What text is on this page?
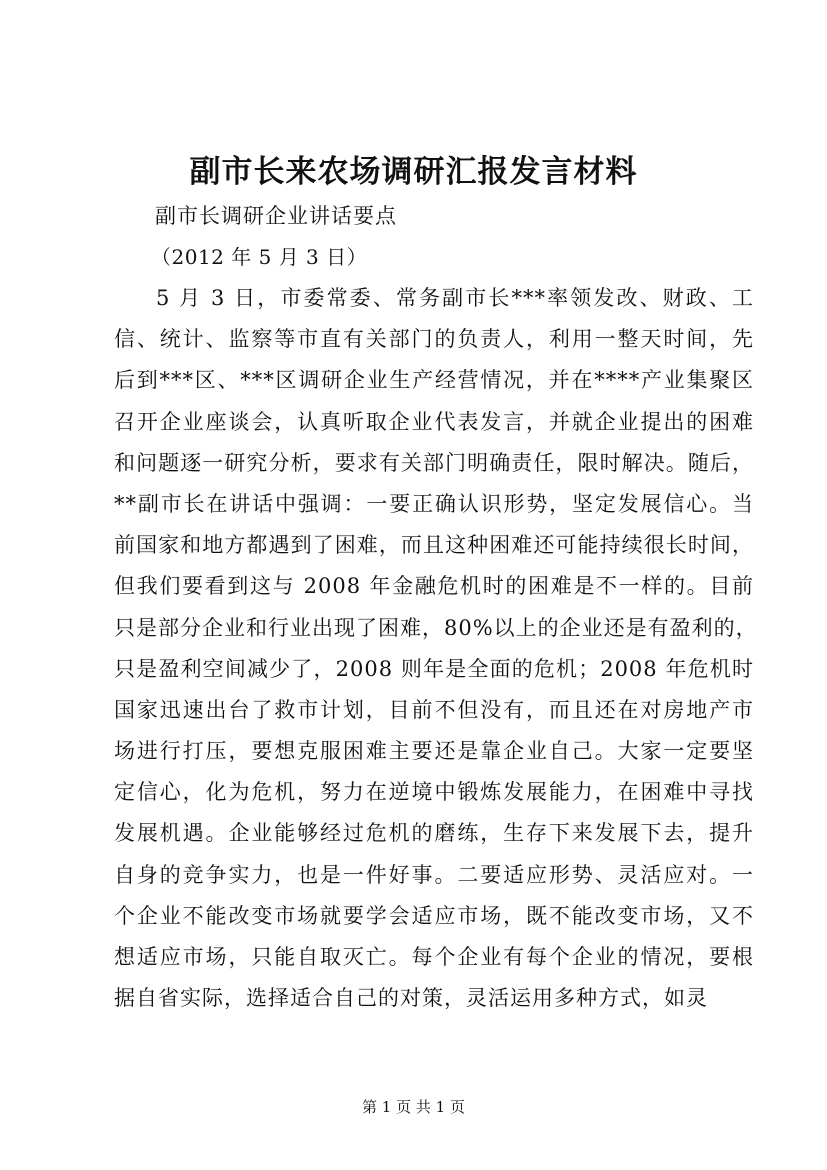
副市长来农场调研汇报发言材料

副市长调研企业讲话要点

（2012 年 5 月 3 日）

5 月 3 日，市委常委、常务副市长***率领发改、财政、工
信、统计、监察等市直有关部门的负责人，利用一整天时间，先
后到***区、***区调研企业生产经营情况，并在****产业集聚区
召开企业座谈会，认真听取企业代表发言，并就企业提出的困难
和问题逐一研究分析，要求有关部门明确责任，限时解决。随后，
**副市长在讲话中强调：一要正确认识形势，坚定发展信心。当
前国家和地方都遇到了困难，而且这种困难还可能持续很长时间，
但我们要看到这与 2008 年金融危机时的困难是不一样的。目前
只是部分企业和行业出现了困难，80%以上的企业还是有盈利的，
只是盈利空间减少了，2008 则年是全面的危机；2008 年危机时
国家迅速出台了救市计划，目前不但没有，而且还在对房地产市
场进行打压，要想克服困难主要还是靠企业自己。大家一定要坚
定信心，化为危机，努力在逆境中锻炼发展能力，在困难中寻找
发展机遇。企业能够经过危机的磨练，生存下来发展下去，提升
自身的竞争实力，也是一件好事。二要适应形势、灵活应对。一
个企业不能改变市场就要学会适应市场，既不能改变市场，又不
想适应市场，只能自取灭亡。每个企业有每个企业的情况，要根
据自省实际，选择适合自己的对策，灵活运用多种方式，如灵

第 1 页 共 1 页
